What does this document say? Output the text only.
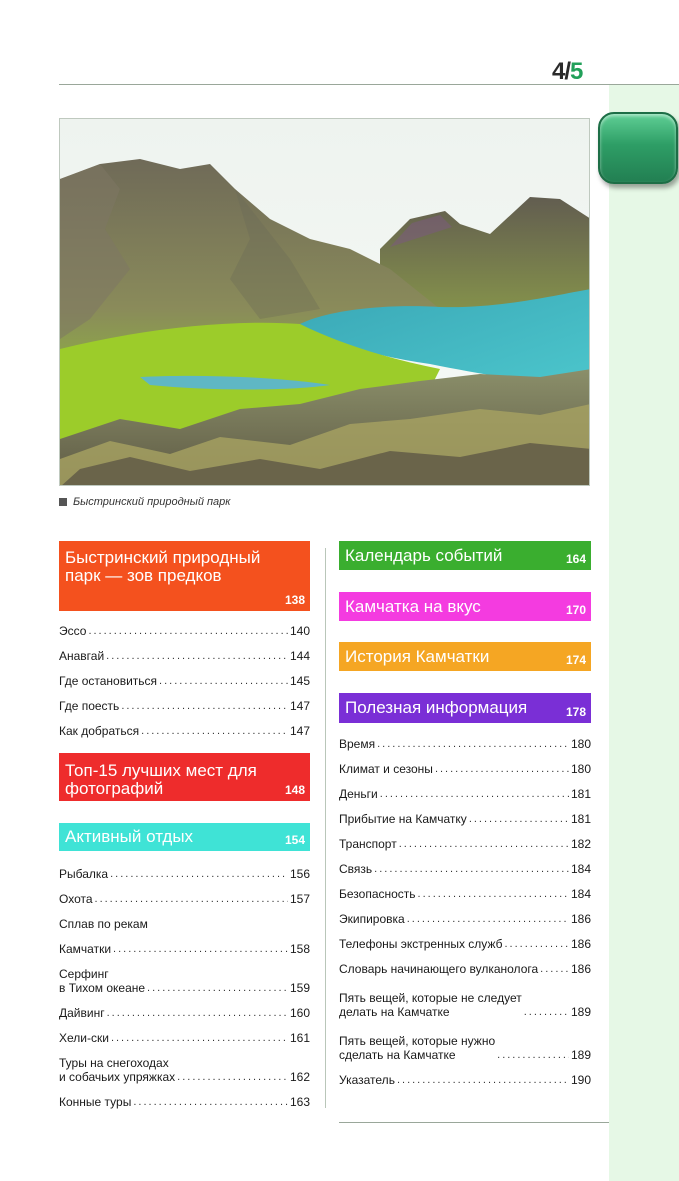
4/5
Быстринский природный парк
Быстринский природный парк — зов предков
138
Эссо .....	140
Анавгай .....	144
Где остановиться .....	145
Где поесть .....	147
Как добраться .....	147
Топ-15 лучших мест для фотографий	148
Активный отдых	154
Рыбалка .....	156
Охота .....	157
Сплав по рекам
Камчатки .....	158
Серфинг
в Тихом океане .....	159
Дайвинг .....	160
Хели-ски .....	161
Туры на снегоходах
и собачьих упряжках .....	162
Конные туры .....	163
Календарь событий	164
Камчатка на вкус	170
История Камчатки	174
Полезная информация	178
Время .....	180
Климат и сезоны .....	180
Деньги .....	181
Прибытие на Камчатку .....	181
Транспорт .....	182
Связь .....	184
Безопасность .....	184
Экипировка .....	186
Телефоны экстренных служб .....	186
Словарь начинающего вулканолога .....	186
Пять вещей, которые не следует
делать на Камчатке .....	189
Пять вещей, которые нужно
сделать на Камчатке .....	189
Указатель .....	190
